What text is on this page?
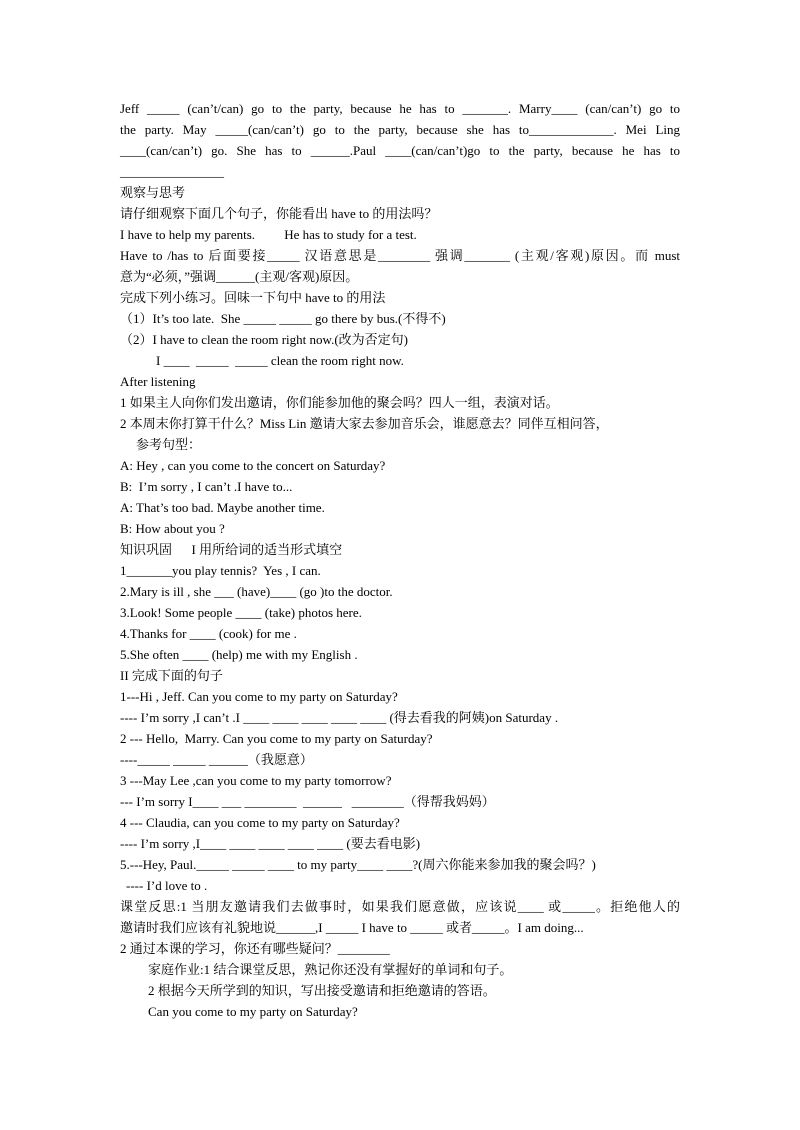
Jeff _____ (can’t/can) go to the party, because he has to _______. Marry____ (can/can’t) go to
the party. May _____(can/can’t) go to the party, because she has to_____________. Mei Ling
____(can/can’t) go. She has to ______.Paul ____(can/can’t)go to the party, because he has to
________________
观察与思考
请仔细观察下面几个句子，你能看出 have to 的用法吗？
I have to help my parents.         He has to study for a test.
Have to /has to 后面要接_____ 汉语意思是________ 强调_______ (主观/客观)原因。而 must
意为“必须，”强调______(主观/客观)原因。
完成下列小练习。回味一下句中 have to 的用法
（1）It’s too late.  She _____ _____ go there by bus.(不得不)
（2）I have to clean the room right now.(改为否定句)
I ____  _____  _____ clean the room right now.
After listening
1 如果主人向你们发出邀请，你们能参加他的聚会吗？四人一组，表演对话。
2 本周末你打算干什么？Miss Lin 邀请大家去参加音乐会，谁愿意去？同伴互相问答，
参考句型：
A: Hey , can you come to the concert on Saturday?
B:  I’m sorry , I can’t .I have to...
A: That’s too bad. Maybe another time.
B: How about you ?
知识巩固      I 用所给词的适当形式填空
1_______you play tennis?  Yes , I can.
2.Mary is ill , she ___ (have)____ (go )to the doctor.
3.Look! Some people ____ (take) photos here.
4.Thanks for ____ (cook) for me .
5.She often ____ (help) me with my English .
II 完成下面的句子
1---Hi , Jeff. Can you come to my party on Saturday?
---- I’m sorry ,I can’t .I ____ ____ ____ ____ ____ (得去看我的阿姨)on Saturday .
2 --- Hello,  Marry. Can you come to my party on Saturday?
----_____ _____ ______（我愿意）
3 ---May Lee ,can you come to my party tomorrow?
--- I’m sorry I____ ___ ________  ______   ________（得帮我妈妈）
4 --- Claudia, can you come to my party on Saturday?
---- I’m sorry ,I____ ____ ____ ____ ____ (要去看电影)
5.---Hey, Paul._____ _____ ____ to my party____ ____?(周六你能来参加我的聚会吗？)
---- I’d love to .
课堂反思:1 当朋友邀请我们去做事时，如果我们愿意做，应该说____ 或_____。拒绝他人的
邀请时我们应该有礼貌地说______,I _____ I have to _____ 或者_____。I am doing...
2 通过本课的学习，你还有哪些疑问？________
家庭作业:1 结合课堂反思，熟记你还没有掌握好的单词和句子。
2 根据今天所学到的知识，写出接受邀请和拒绝邀请的答语。
Can you come to my party on Saturday?
